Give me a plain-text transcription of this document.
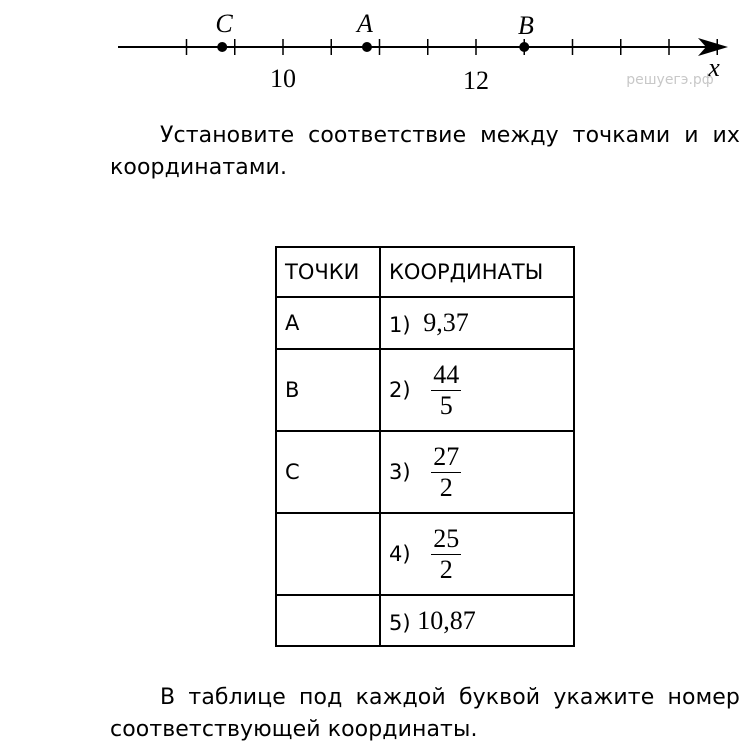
10	12	x
C	A	B
решуегэ.рф

Установите соответствие между точками и их координатами.

ТОЧКИ	КООРДИНАТЫ
A	1) 9,37
B	$2) \frac{44}{5}$

C	$3) \frac{27}{2}$

	$4) \frac{25}{2}$

	5) 10,87

В таблице под каждой буквой укажите номер соответствующей координаты.
